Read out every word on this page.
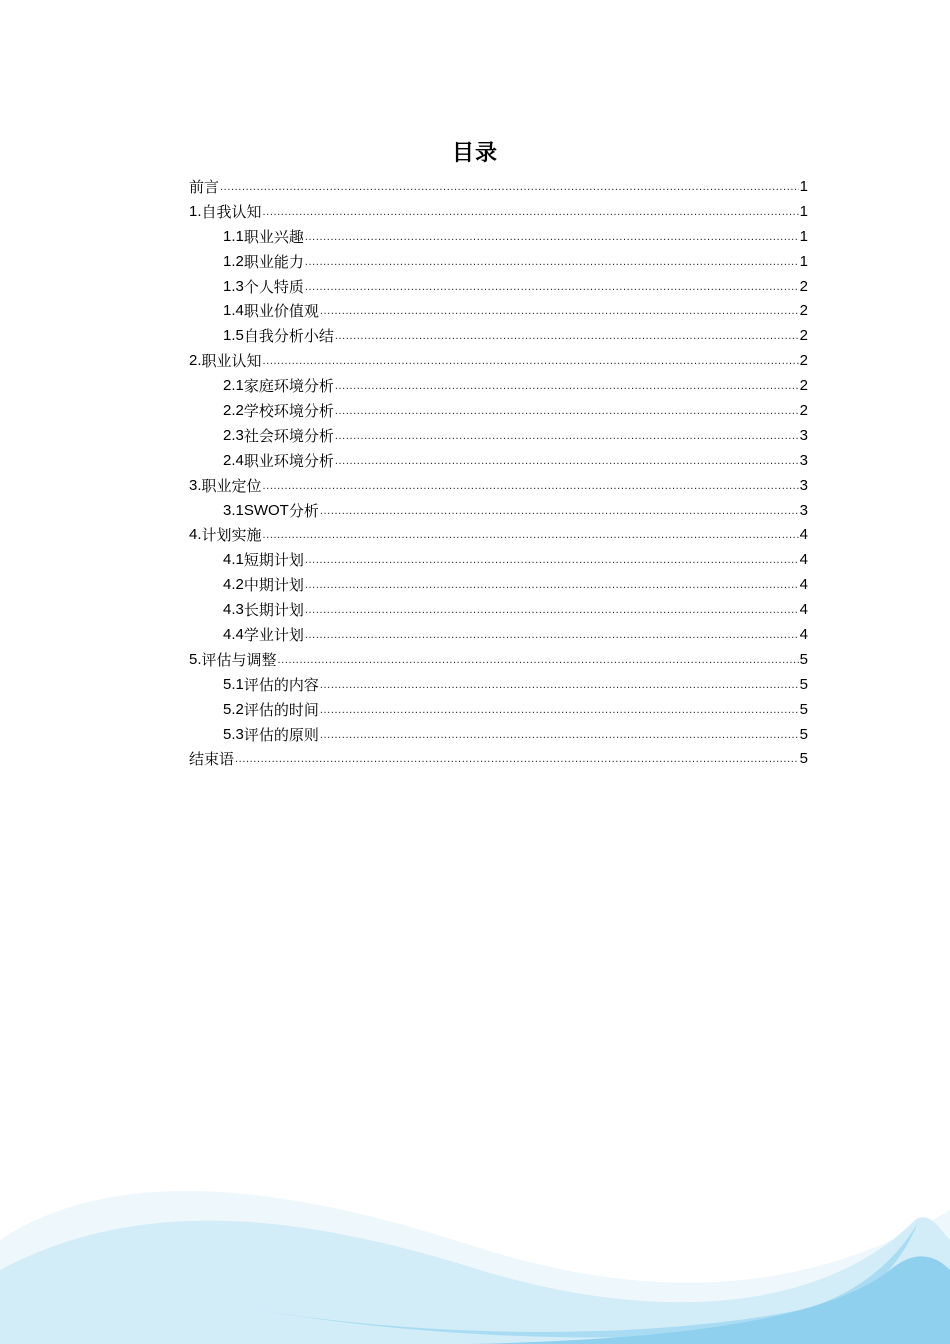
目录
前言 .....	1
1. 自我认知 .....	1
1.1 职业兴趣 .....	1
1.2 职业能力 .....	1
1.3 个人特质 .....	2
1.4 职业价值观 .....	2
1.5 自我分析小结 .....	2
2. 职业认知 .....	2
2.1 家庭环境分析 .....	2
2.2 学校环境分析 .....	2
2.3 社会环境分析 .....	3
2.4 职业环境分析 .....	3
3. 职业定位 .....	3
3.1SWOT 分析 .....	3
4. 计划实施 .....	4
4.1 短期计划 .....	4
4.2 中期计划 .....	4
4.3 长期计划 .....	4
4.4 学业计划 .....	4
5. 评估与调整 .....	5
5.1 评估的内容 .....	5
5.2 评估的时间 .....	5
5.3 评估的原则 .....	5
结束语 .....	5
